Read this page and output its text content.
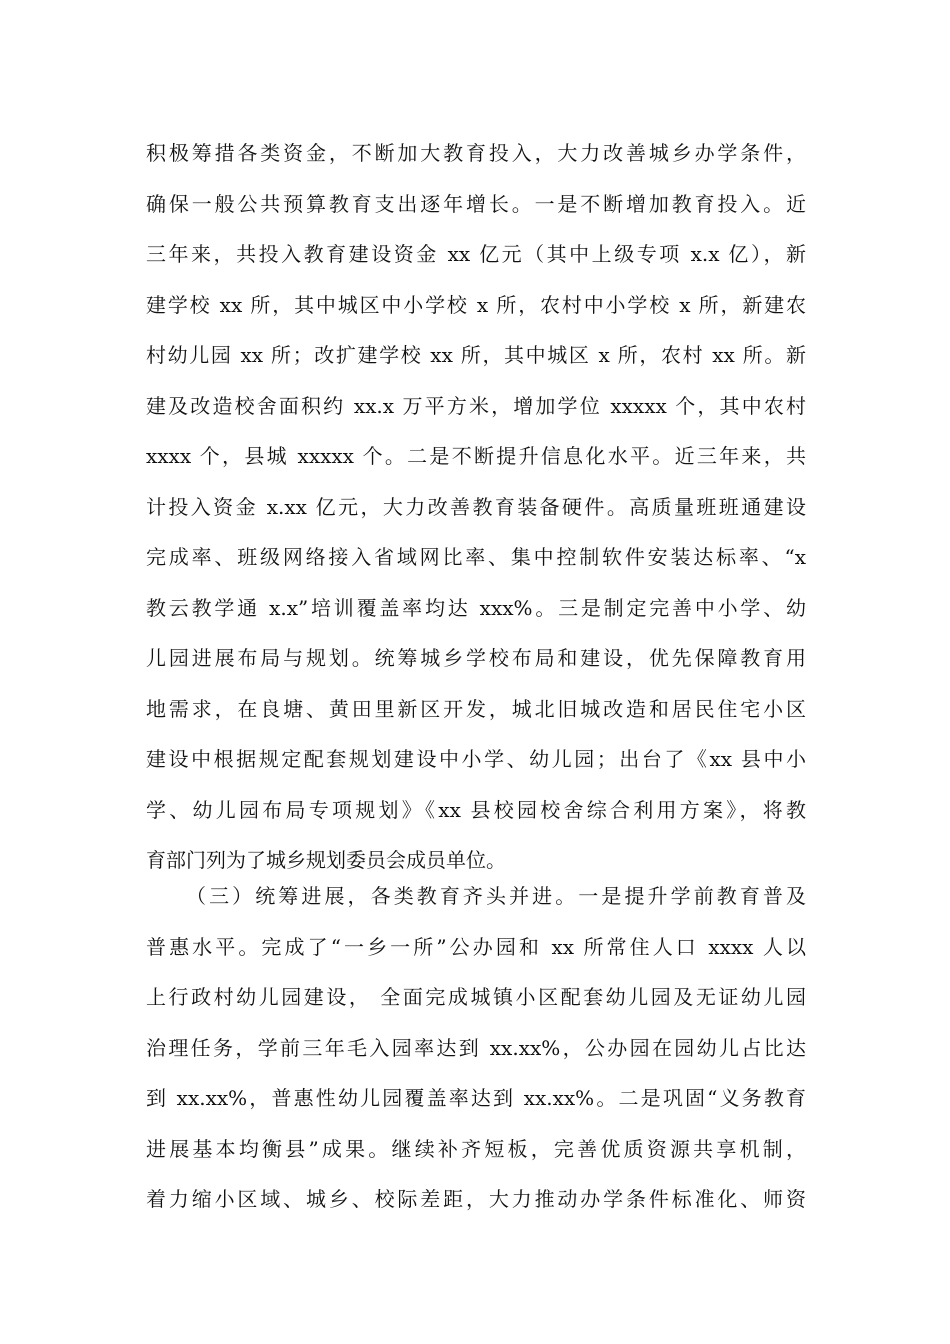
积极筹措各类资金，不断加大教育投入，大力改善城乡办学条件，
确保一般公共预算教育支出逐年增长。一是不断增加教育投入。近
三年来，共投入教育建设资金 xx 亿元（其中上级专项 x.x 亿），新
建学校 xx 所，其中城区中小学校 x 所，农村中小学校 x 所，新建农
村幼儿园 xx 所；改扩建学校 xx 所，其中城区 x 所，农村 xx 所。新
建及改造校舍面积约 xx.x 万平方米，增加学位 xxxxx 个，其中农村
xxxx 个，县城 xxxxx 个。二是不断提升信息化水平。近三年来，共
计投入资金 x.xx 亿元，大力改善教育装备硬件。高质量班班通建设
完成率、班级网络接入省域网比率、集中控制软件安装达标率、“x
教云教学通 x.x”培训覆盖率均达 xxx%。三是制定完善中小学、幼
儿园进展布局与规划。统筹城乡学校布局和建设，优先保障教育用
地需求，在良塘、黄田里新区开发，城北旧城改造和居民住宅小区
建设中根据规定配套规划建设中小学、幼儿园；出台了《xx 县中小
学、幼儿园布局专项规划》《xx 县校园校舍综合利用方案》，将教
育部门列为了城乡规划委员会成员单位。
（三）统筹进展，各类教育齐头并进。一是提升学前教育普及
普惠水平。完成了“一乡一所”公办园和 xx 所常住人口 xxxx 人以
上行政村幼儿园建设， 全面完成城镇小区配套幼儿园及无证幼儿园
治理任务，学前三年毛入园率达到 xx.xx%，公办园在园幼儿占比达
到 xx.xx%，普惠性幼儿园覆盖率达到 xx.xx%。二是巩固“义务教育
进展基本均衡县”成果。继续补齐短板，完善优质资源共享机制，
着力缩小区域、城乡、校际差距，大力推动办学条件标准化、师资
